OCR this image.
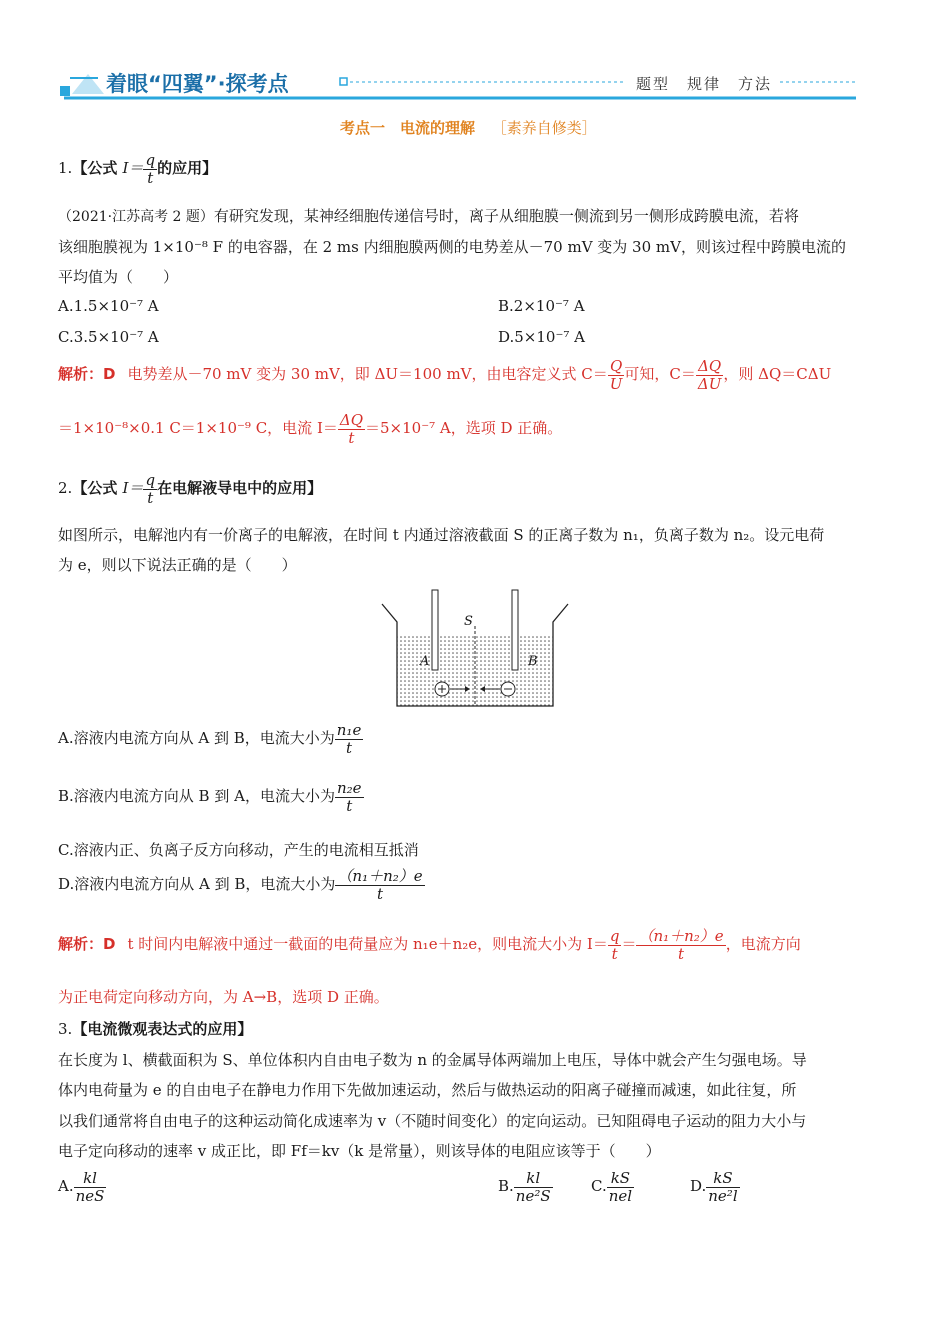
着眼“四翼”·探考点	题型　规律　方法
考点一　电流的理解 ［素养自修类］
1.【公式 $I= \frac{q}{t}$ 的应用】
（2021·江苏高考 2 题）有研究发现，某神经细胞传递信号时，离子从细胞膜一侧流到另一侧形成跨膜电流，若将
该细胞膜视为 1×10⁻⁸ F 的电容器，在 2 ms 内细胞膜两侧的电势差从－70 mV 变为 30 mV，则该过程中跨膜电流的
平均值为（　　）
A.1.5×10⁻⁷ A	B.2×10⁻⁷ A
C.3.5×10⁻⁷ A	D.5×10⁻⁷ A
解析：D 电势差从－70 mV 变为 30 mV，即 ΔU＝100 mV，由电容定义式 $C= \frac{Q}{U}$ 可知，$C= \frac{\Delta Q}{\Delta U}$ ，则 ΔQ＝CΔU
＝1×10⁻⁸×0.1 C＝1×10⁻⁹ C，电流 $I= \frac{\Delta Q}{t} =5\times 10^{-7}$ A，选项 D 正确。
2.【公式 $I= \frac{q}{t}$ 在电解液导电中的应用】
如图所示，电解池内有一价离子的电解液，在时间 t 内通过溶液截面 S 的正离子数为 n₁，负离子数为 n₂。设元电荷
为 e，则以下说法正确的是（　　）
S
A	B
A.溶液内电流方向从 A 到 B，电流大小为 $\frac{\text{n₁e}}{t}$
B.溶液内电流方向从 B 到 A，电流大小为 $\frac{\text{n₂e}}{t}$
C.溶液内正、负离子反方向移动，产生的电流相互抵消
D.溶液内电流方向从 A 到 B，电流大小为 $\frac{\text{（n₁＋n₂）e}}{t}$
解析：D t 时间内电解液中通过一截面的电荷量应为 n₁e＋n₂e，则电流大小为 $I= \frac{q}{t} = \frac{\text{（n₁＋n₂）e}}{t}$ ，电流方向
为正电荷定向移动方向，为 A→B，选项 D 正确。
3.【电流微观表达式的应用】
在长度为 l、横截面积为 S、单位体积内自由电子数为 n 的金属导体两端加上电压，导体中就会产生匀强电场。导
体内电荷量为 e 的自由电子在静电力作用下先做加速运动，然后与做热运动的阳离子碰撞而减速，如此往复，所
以我们通常将自由电子的这种运动简化成速率为 v（不随时间变化）的定向运动。已知阻碍电子运动的阻力大小与
电子定向移动的速率 v 成正比，即 Ff＝kv（k 是常量），则该导体的电阻应该等于（　　）
A. $\frac{kl}{\text{neS}}$	B. $\frac{kl}{\text{ne²S}}$	C. $\frac{kS}{\text{nel}}$	D. $\frac{kS}{\text{ne²l}}$
